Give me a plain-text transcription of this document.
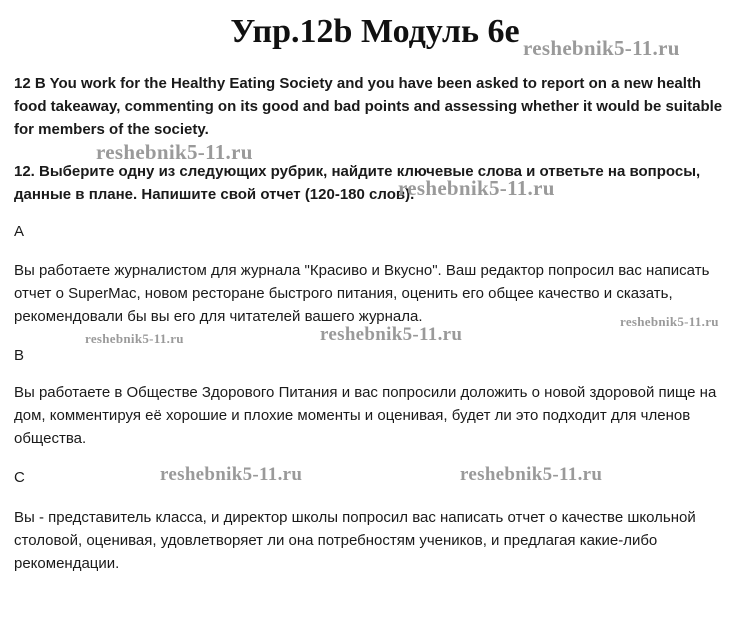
Упр.12b Модуль 6е
12 B You work for the Healthy Eating Society and you have been asked to report on a new health food takeaway, commenting on its good and bad points and assessing whether it would be suitable for members of the society.
12. Выберите одну из следующих рубрик, найдите ключевые слова и ответьте на вопросы, данные в плане. Напишите свой отчет (120-180 слов).
A
Вы работаете журналистом для журнала "Красиво и Вкусно". Ваш редактор попросил вас написать отчет о SuperMac, новом ресторане быстрого питания, оценить его общее качество и сказать, рекомендовали бы вы его для читателей вашего журнала.
B
Вы работаете в Обществе Здорового Питания и вас попросили доложить о новой здоровой пище на дом, комментируя её хорошие и плохие моменты и оценивая, будет ли это подходит для членов общества.
C
Вы - представитель класса, и директор школы попросил вас написать отчет о качестве школьной столовой, оценивая, удовлетворяет ли она потребностям учеников, и предлагая какие-либо рекомендации.
reshebnik5-11.ru
reshebnik5-11.ru
reshebnik5-11.ru
reshebnik5-11.ru
reshebnik5-11.ru
reshebnik5-11.ru
reshebnik5-11.ru	reshebnik5-11.ru
